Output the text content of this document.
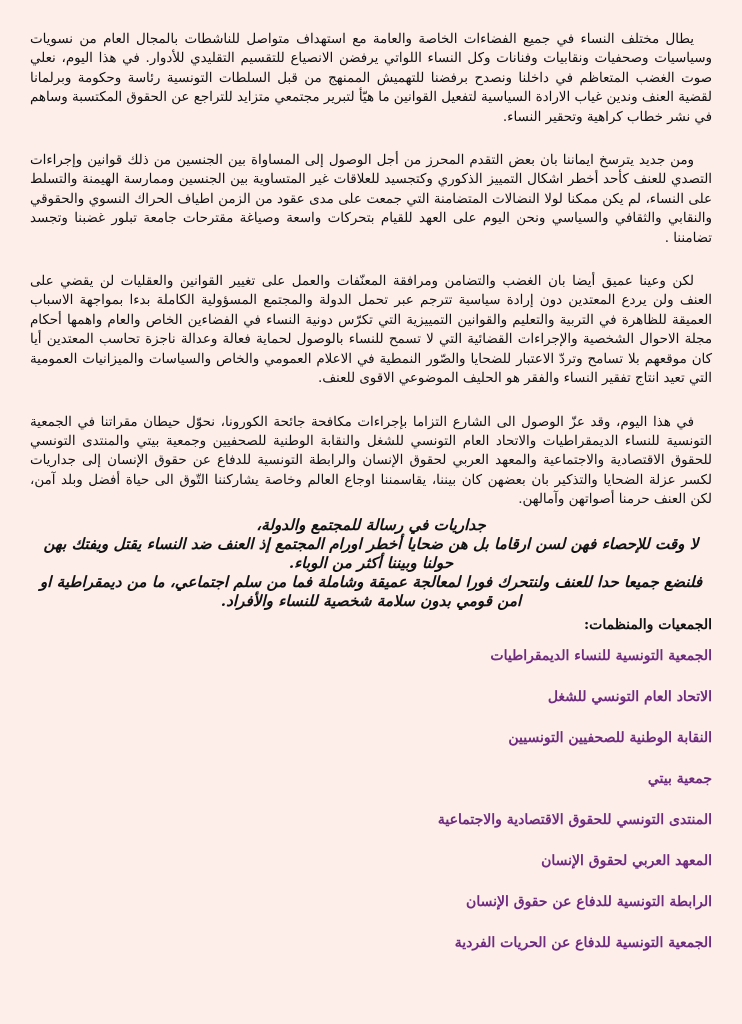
يطال مختلف النساء في جميع الفضاءات الخاصة والعامة مع استهداف متواصل للناشطات بالمجال العام من نسويات وسياسيات وصحفيات ونقابيات وفنانات وكل النساء اللواتي يرفضن الانصياع للتقسيم التقليدي للأدوار. في هذا اليوم، نعلي صوت الغضب المتعاظم في داخلنا ونصدح برفضنا للتهميش الممنهج من قبل السلطات التونسية رئاسة وحكومة وبرلمانا لقضية العنف وندين غياب الارادة السياسية لتفعيل القوانين ما هيّأ لتبرير مجتمعي متزايد للتراجع عن الحقوق المكتسبة وساهم في نشر خطاب كراهية وتحقير النساء.

ومن جديد يترسخ ايماننا بان بعض التقدم المحرز من أجل الوصول إلى المساواة بين الجنسين من ذلك قوانين وإجراءات التصدي للعنف كأحد أخطر اشكال التمييز الذكوري وكتجسيد للعلاقات غير المتساوية بين الجنسين وممارسة الهيمنة والتسلط على النساء، لم يكن ممكنا لولا النضالات المتضامنة التي جمعت على مدى عقود من الزمن اطياف الحراك النسوي والحقوقي والنقابي والثقافي والسياسي ونحن اليوم على العهد للقيام بتحركات واسعة وصياغة مقترحات جامعة تبلور غضبنا وتجسد تضامننا .

لكن وعينا عميق أيضا بان الغضب والتضامن ومرافقة المعنّفات والعمل على تغيير القوانين والعقليات لن يقضي على العنف ولن يردع المعتدين دون إرادة سياسية تترجم عبر تحمل الدولة والمجتمع المسؤولية الكاملة بدءا بمواجهة الاسباب العميقة للظاهرة في التربية والتعليم والقوانين التمييزية التي تكرّس دونية النساء في الفضاءين الخاص والعام واهمها أحكام مجلة الاحوال الشخصية والإجراءات القضائية التي لا تسمح للنساء بالوصول لحماية فعالة وعدالة ناجزة تحاسب المعتدين أيا كان موقعهم بلا تسامح وتردّ الاعتبار للضحايا والصّور النمطية في الاعلام العمومي والخاص والسياسات والميزانيات العمومية التي تعيد انتاج تفقير النساء والفقر هو الحليف الموضوعي الاقوى للعنف.

في هذا اليوم، وقد عزّ الوصول الى الشارع التزاما بإجراءات مكافحة جائحة الكورونا، نحوّل حيطان مقراتنا في الجمعية التونسية للنساء الديمقراطيات والاتحاد العام التونسي للشغل والنقابة الوطنية للصحفيين وجمعية بيتي والمنتدى التونسي للحقوق الاقتصادية والاجتماعية والمعهد العربي لحقوق الإنسان والرابطة التونسية للدفاع عن حقوق الإنسان إلى جداريات لكسر عزلة الضحايا والتذكير بان بعضهن كان بيننا، يقاسمننا اوجاع العالم وخاصة يشاركننا التّوق الى حياة أفضل وبلد آمن، لكن العنف حرمنا أصواتهن وآمالهن.

جداريات في رسالة للمجتمع والدولة،

لا وقت للإحصاء فهن لسن ارقاما بل هن ضحايا أخطر اورام المجتمع إذ العنف ضد النساء يقتل ويفتك بهن حولنا وبيننا أكثر من الوباء.

فلنضع جميعا حدا للعنف ولنتحرك فورا لمعالجة عميقة وشاملة فما من سلم اجتماعي، ما من ديمقراطية او امن قومي بدون سلامة شخصية للنساء والأفراد.

الجمعيات والمنظمات:
الجمعية التونسية للنساء الديمقراطيات
الاتحاد العام التونسي للشغل
النقابة الوطنية للصحفيين التونسيين
جمعية بيتي
المنتدى التونسي للحقوق الاقتصادية والاجتماعية
المعهد العربي لحقوق الإنسان
الرابطة التونسية للدفاع عن حقوق الإنسان
الجمعية التونسية للدفاع عن الحريات الفردية
